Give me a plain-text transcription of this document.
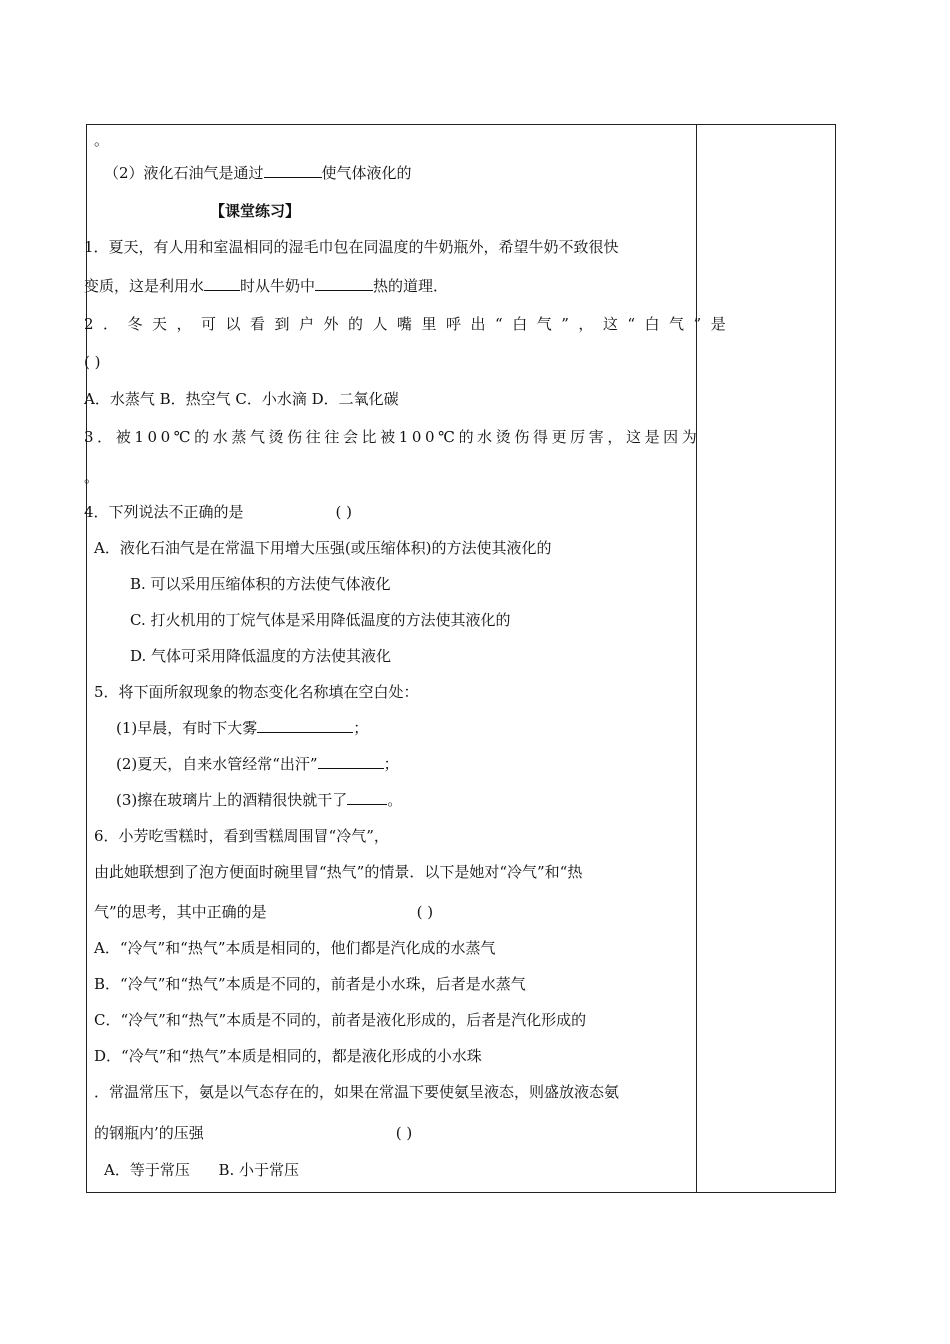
。
（2）液化石油气是通过	使气体液化的
【课堂练习】
1．夏天，有人用和室温相同的湿毛巾包在同温度的牛奶瓶外，希望牛奶不致很快
变质，这是利用水 时从牛奶中	热的道理．
2．冬天，可以看到户外的人嘴里呼出“白气”，这“白气”是
( )
A．水蒸气 B．热空气 C．小水滴 D．二氧化碳
3．被100℃的水蒸气烫伤往往会比被100℃的水烫伤得更厉害，这是因为
。
4．下列说法不正确的是	( )
A．液化石油气是在常温下用增大压强(或压缩体积)的方法使其液化的
B. 可以采用压缩体积的方法使气体液化
C. 打火机用的丁烷气体是采用降低温度的方法使其液化的
D. 气体可采用降低温度的方法使其液化
5．将下面所叙现象的物态变化名称填在空白处：
(1)早晨，有时下大雾	；
(2)夏天，自来水管经常“出汗”	；
(3)擦在玻璃片上的酒精很快就干了	。
6．小芳吃雪糕时，看到雪糕周围冒“冷气”，
由此她联想到了泡方便面时碗里冒“热气”的情景．以下是她对“冷气”和“热
气”的思考，其中正确的是	( )
A．“冷气”和“热气”本质是相同的，他们都是汽化成的水蒸气
B．“冷气”和“热气”本质是不同的，前者是小水珠，后者是水蒸气
C．“冷气”和“热气”本质是不同的，前者是液化形成的，后者是汽化形成的
D．“冷气”和“热气”本质是相同的，都是液化形成的小水珠
．常温常压下，氨是以气态存在的，如果在常温下要使氨呈液态，则盛放液态氨
的钢瓶内’的压强	( )
A．等于常压      B. 小于常压
